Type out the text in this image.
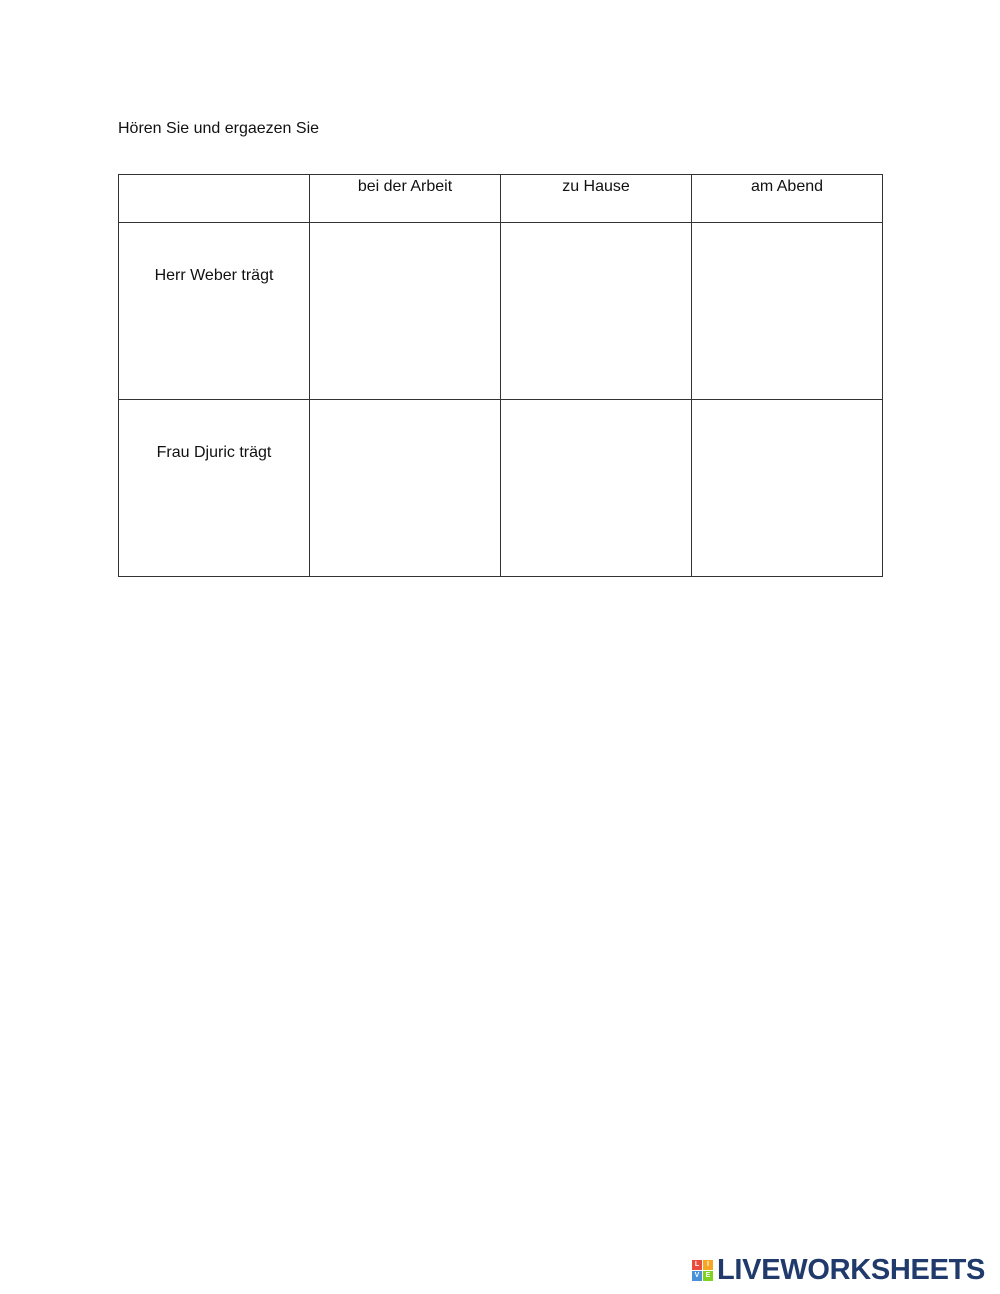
Hören Sie und ergaezen Sie

	bei der Arbeit	zu Hause	am Abend
Herr Weber trägt			
Frau Djuric trägt			
L	I
V E LIVEWORKSHEETS
